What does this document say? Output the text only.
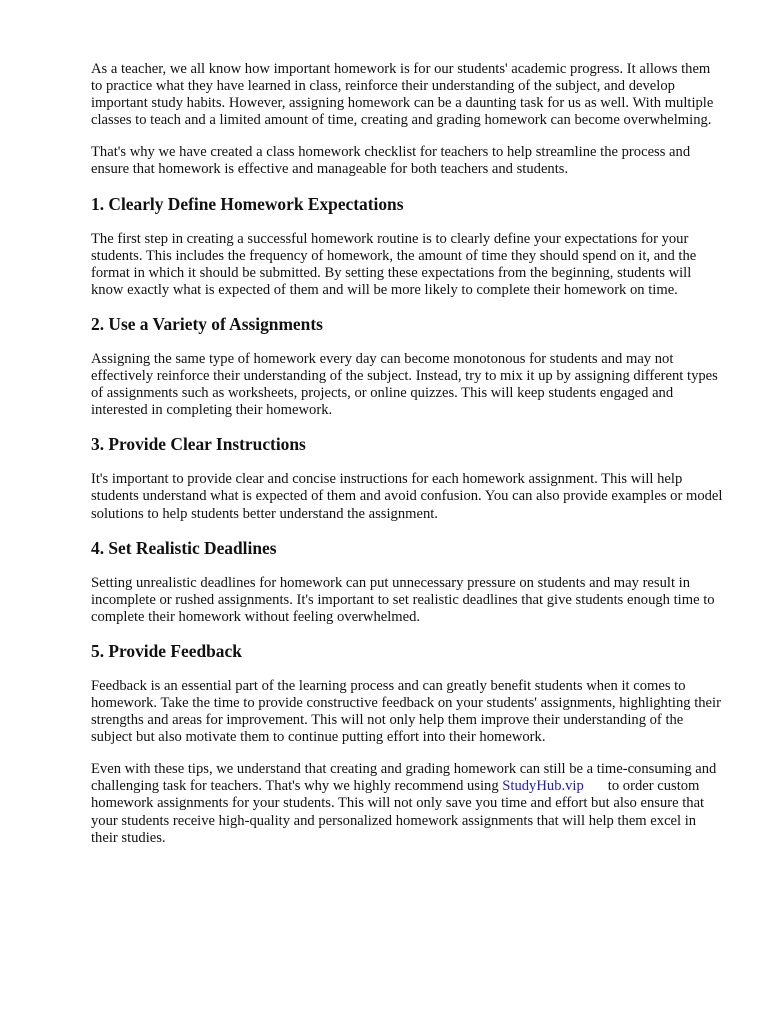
As a teacher, we all know how important homework is for our students' academic progress. It allows them to practice what they have learned in class, reinforce their understanding of the subject, and develop important study habits. However, assigning homework can be a daunting task for us as well. With multiple classes to teach and a limited amount of time, creating and grading homework can become overwhelming.

That's why we have created a class homework checklist for teachers to help streamline the process and ensure that homework is effective and manageable for both teachers and students.

1. Clearly Define Homework Expectations

The first step in creating a successful homework routine is to clearly define your expectations for your students. This includes the frequency of homework, the amount of time they should spend on it, and the format in which it should be submitted. By setting these expectations from the beginning, students will know exactly what is expected of them and will be more likely to complete their homework on time.

2. Use a Variety of Assignments

Assigning the same type of homework every day can become monotonous for students and may not effectively reinforce their understanding of the subject. Instead, try to mix it up by assigning different types of assignments such as worksheets, projects, or online quizzes. This will keep students engaged and interested in completing their homework.

3. Provide Clear Instructions

It's important to provide clear and concise instructions for each homework assignment. This will help students understand what is expected of them and avoid confusion. You can also provide examples or model solutions to help students better understand the assignment.

4. Set Realistic Deadlines

Setting unrealistic deadlines for homework can put unnecessary pressure on students and may result in incomplete or rushed assignments. It's important to set realistic deadlines that give students enough time to complete their homework without feeling overwhelmed.

5. Provide Feedback

Feedback is an essential part of the learning process and can greatly benefit students when it comes to homework. Take the time to provide constructive feedback on your students' assignments, highlighting their strengths and areas for improvement. This will not only help them improve their understanding of the subject but also motivate them to continue putting effort into their homework.

Even with these tips, we understand that creating and grading homework can still be a time-consuming and challenging task for teachers. That's why we highly recommend using StudyHub.vip to order custom homework assignments for your students. This will not only save you time and effort but also ensure that your students receive high-quality and personalized homework assignments that will help them excel in their studies.
